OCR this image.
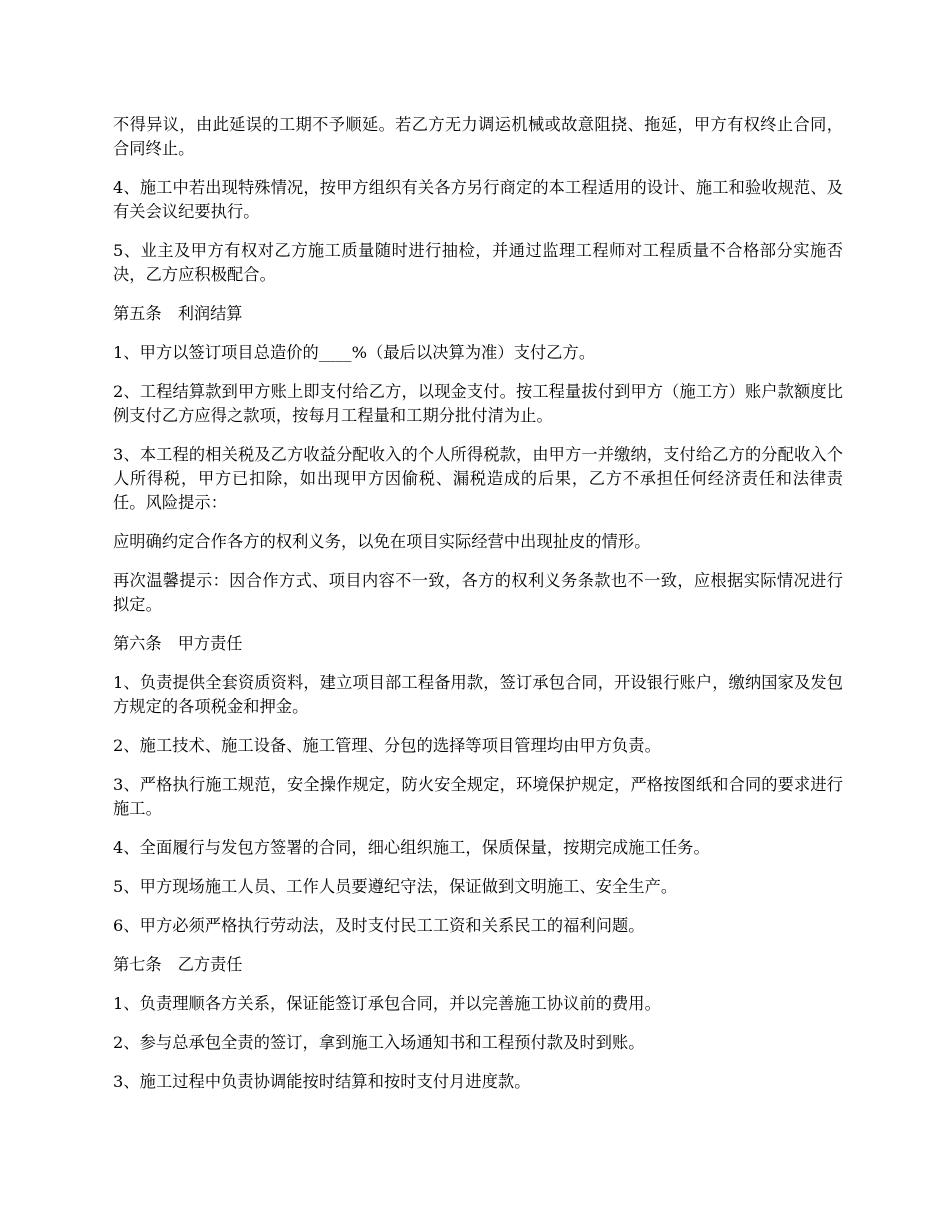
不得异议，由此延误的工期不予顺延。若乙方无力调运机械或故意阻挠、拖延，甲方有权终止合同，合同终止。

4、施工中若出现特殊情况，按甲方组织有关各方另行商定的本工程适用的设计、施工和验收规范、及有关会议纪要执行。

5、业主及甲方有权对乙方施工质量随时进行抽检，并通过监理工程师对工程质量不合格部分实施否决，乙方应积极配合。

第五条　利润结算

1、甲方以签订项目总造价的____%（最后以决算为准）支付乙方。

2、工程结算款到甲方账上即支付给乙方，以现金支付。按工程量拔付到甲方（施工方）账户款额度比例支付乙方应得之款项，按每月工程量和工期分批付清为止。

3、本工程的相关税及乙方收益分配收入的个人所得税款，由甲方一并缴纳，支付给乙方的分配收入个人所得税，甲方已扣除，如出现甲方因偷税、漏税造成的后果，乙方不承担任何经济责任和法律责任。风险提示：

应明确约定合作各方的权利义务，以免在项目实际经营中出现扯皮的情形。

再次温馨提示：因合作方式、项目内容不一致，各方的权利义务条款也不一致，应根据实际情况进行拟定。

第六条　甲方责任

1、负责提供全套资质资料，建立项目部工程备用款，签订承包合同，开设银行账户，缴纳国家及发包方规定的各项税金和押金。

2、施工技术、施工设备、施工管理、分包的选择等项目管理均由甲方负责。

3、严格执行施工规范，安全操作规定，防火安全规定，环境保护规定，严格按图纸和合同的要求进行施工。

4、全面履行与发包方签署的合同，细心组织施工，保质保量，按期完成施工任务。

5、甲方现场施工人员、工作人员要遵纪守法，保证做到文明施工、安全生产。

6、甲方必须严格执行劳动法，及时支付民工工资和关系民工的福利问题。

第七条　乙方责任

1、负责理顺各方关系，保证能签订承包合同，并以完善施工协议前的费用。

2、参与总承包全责的签订，拿到施工入场通知书和工程预付款及时到账。

3、施工过程中负责协调能按时结算和按时支付月进度款。
